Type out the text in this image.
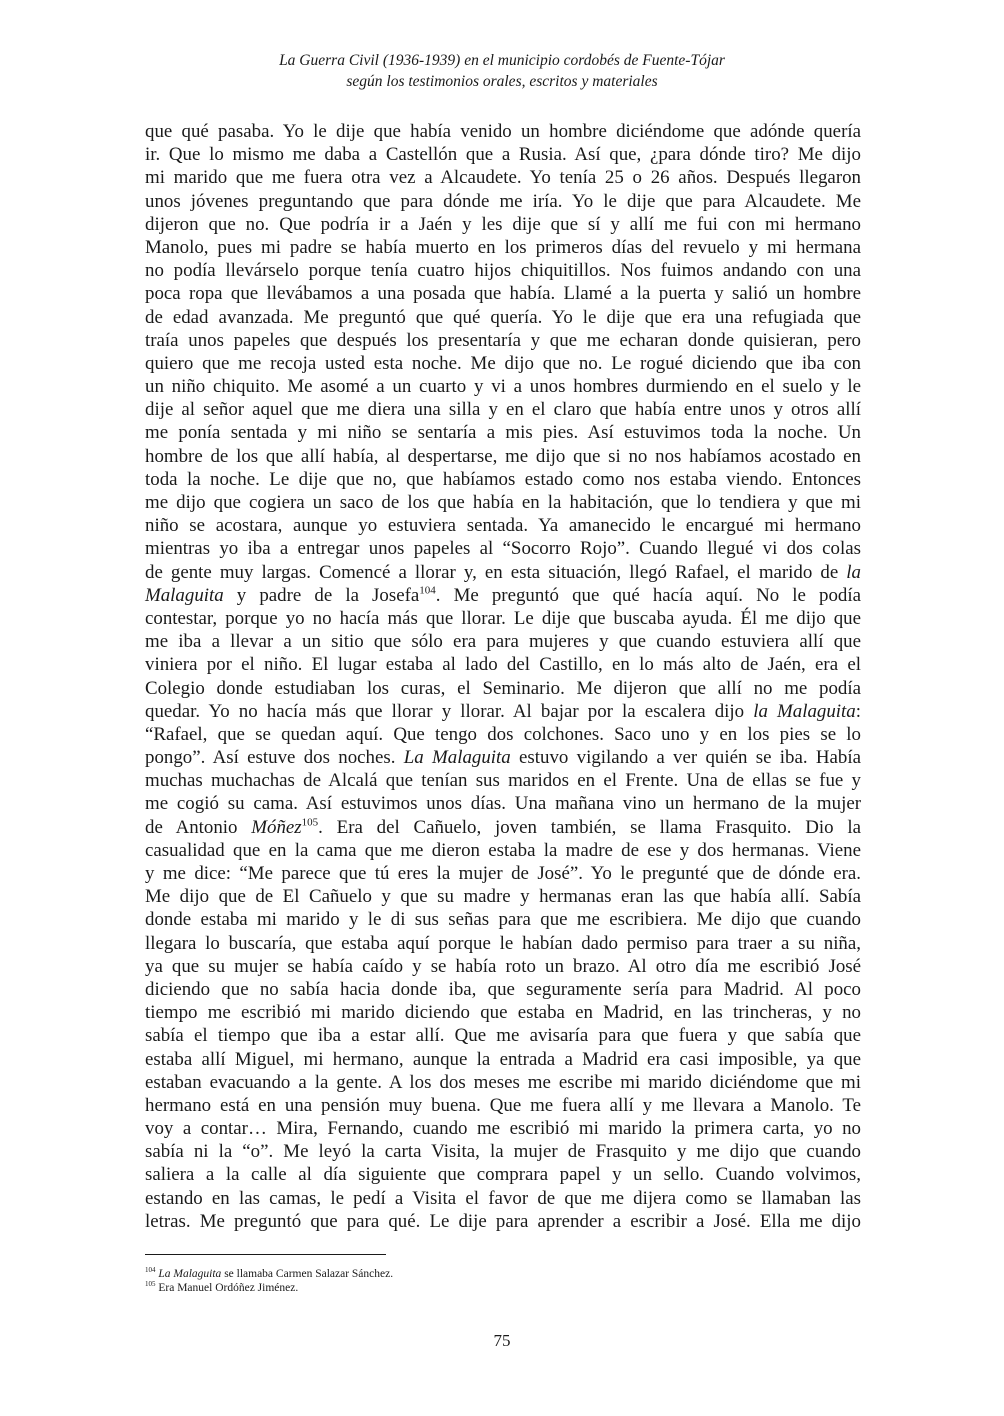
La Guerra Civil (1936-1939) en el municipio cordobés de Fuente-Tójar
según los testimonios orales, escritos y materiales
que qué pasaba. Yo le dije que había venido un hombre diciéndome que adónde quería
ir. Que lo mismo me daba a Castellón que a Rusia. Así que, ¿para dónde tiro? Me dijo
mi marido que me fuera otra vez a Alcaudete. Yo tenía 25 o 26 años. Después llegaron
unos jóvenes preguntando que para dónde me iría. Yo le dije que para Alcaudete. Me
dijeron que no. Que podría ir a Jaén y les dije que sí y allí me fui con mi hermano
Manolo, pues mi padre se había muerto en los primeros días del revuelo y mi hermana
no podía llevárselo porque tenía cuatro hijos chiquitillos. Nos fuimos andando con una
poca ropa que llevábamos a una posada que había. Llamé a la puerta y salió un hombre
de edad avanzada. Me preguntó que qué quería. Yo le dije que era una refugiada que
traía unos papeles que después los presentaría y que me echaran donde quisieran, pero
quiero que me recoja usted esta noche. Me dijo que no. Le rogué diciendo que iba con
un niño chiquito. Me asomé a un cuarto y vi a unos hombres durmiendo en el suelo y le
dije al señor aquel que me diera una silla y en el claro que había entre unos y otros allí
me ponía sentada y mi niño se sentaría a mis pies. Así estuvimos toda la noche. Un
hombre de los que allí había, al despertarse, me dijo que si no nos habíamos acostado en
toda la noche. Le dije que no, que habíamos estado como nos estaba viendo. Entonces
me dijo que cogiera un saco de los que había en la habitación, que lo tendiera y que mi
niño se acostara, aunque yo estuviera sentada. Ya amanecido le encargué mi hermano
mientras yo iba a entregar unos papeles al “Socorro Rojo”. Cuando llegué vi dos colas
de gente muy largas. Comencé a llorar y, en esta situación, llegó Rafael, el marido de la
Malaguita y padre de la Josefa$^{104}$. Me preguntó que qué hacía aquí. No le podía
contestar, porque yo no hacía más que llorar. Le dije que buscaba ayuda. Él me dijo que
me iba a llevar a un sitio que sólo era para mujeres y que cuando estuviera allí que
viniera por el niño. El lugar estaba al lado del Castillo, en lo más alto de Jaén, era el
Colegio donde estudiaban los curas, el Seminario. Me dijeron que allí no me podía
quedar. Yo no hacía más que llorar y llorar. Al bajar por la escalera dijo la Malaguita:
“Rafael, que se quedan aquí. Que tengo dos colchones. Saco uno y en los pies se lo
pongo”. Así estuve dos noches. La Malaguita estuvo vigilando a ver quién se iba. Había
muchas muchachas de Alcalá que tenían sus maridos en el Frente. Una de ellas se fue y
me cogió su cama. Así estuvimos unos días. Una mañana vino un hermano de la mujer
de Antonio Móñez$^{105}$. Era del Cañuelo, joven también, se llama Frasquito. Dio la
casualidad que en la cama que me dieron estaba la madre de ese y dos hermanas. Viene
y me dice: “Me parece que tú eres la mujer de José”. Yo le pregunté que de dónde era.
Me dijo que de El Cañuelo y que su madre y hermanas eran las que había allí. Sabía
donde estaba mi marido y le di sus señas para que me escribiera. Me dijo que cuando
llegara lo buscaría, que estaba aquí porque le habían dado permiso para traer a su niña,
ya que su mujer se había caído y se había roto un brazo. Al otro día me escribió José
diciendo que no sabía hacia donde iba, que seguramente sería para Madrid. Al poco
tiempo me escribió mi marido diciendo que estaba en Madrid, en las trincheras, y no
sabía el tiempo que iba a estar allí. Que me avisaría para que fuera y que sabía que
estaba allí Miguel, mi hermano, aunque la entrada a Madrid era casi imposible, ya que
estaban evacuando a la gente. A los dos meses me escribe mi marido diciéndome que mi
hermano está en una pensión muy buena. Que me fuera allí y me llevara a Manolo. Te
voy a contar… Mira, Fernando, cuando me escribió mi marido la primera carta, yo no
sabía ni la “o”. Me leyó la carta Visita, la mujer de Frasquito y me dijo que cuando
saliera a la calle al día siguiente que comprara papel y un sello. Cuando volvimos,
estando en las camas, le pedí a Visita el favor de que me dijera como se llamaban las
letras. Me preguntó que para qué. Le dije para aprender a escribir a José. Ella me dijo
$^{104}$ La Malaguita se llamaba Carmen Salazar Sánchez.
$^{105}$ Era Manuel Ordóñez Jiménez.
75
